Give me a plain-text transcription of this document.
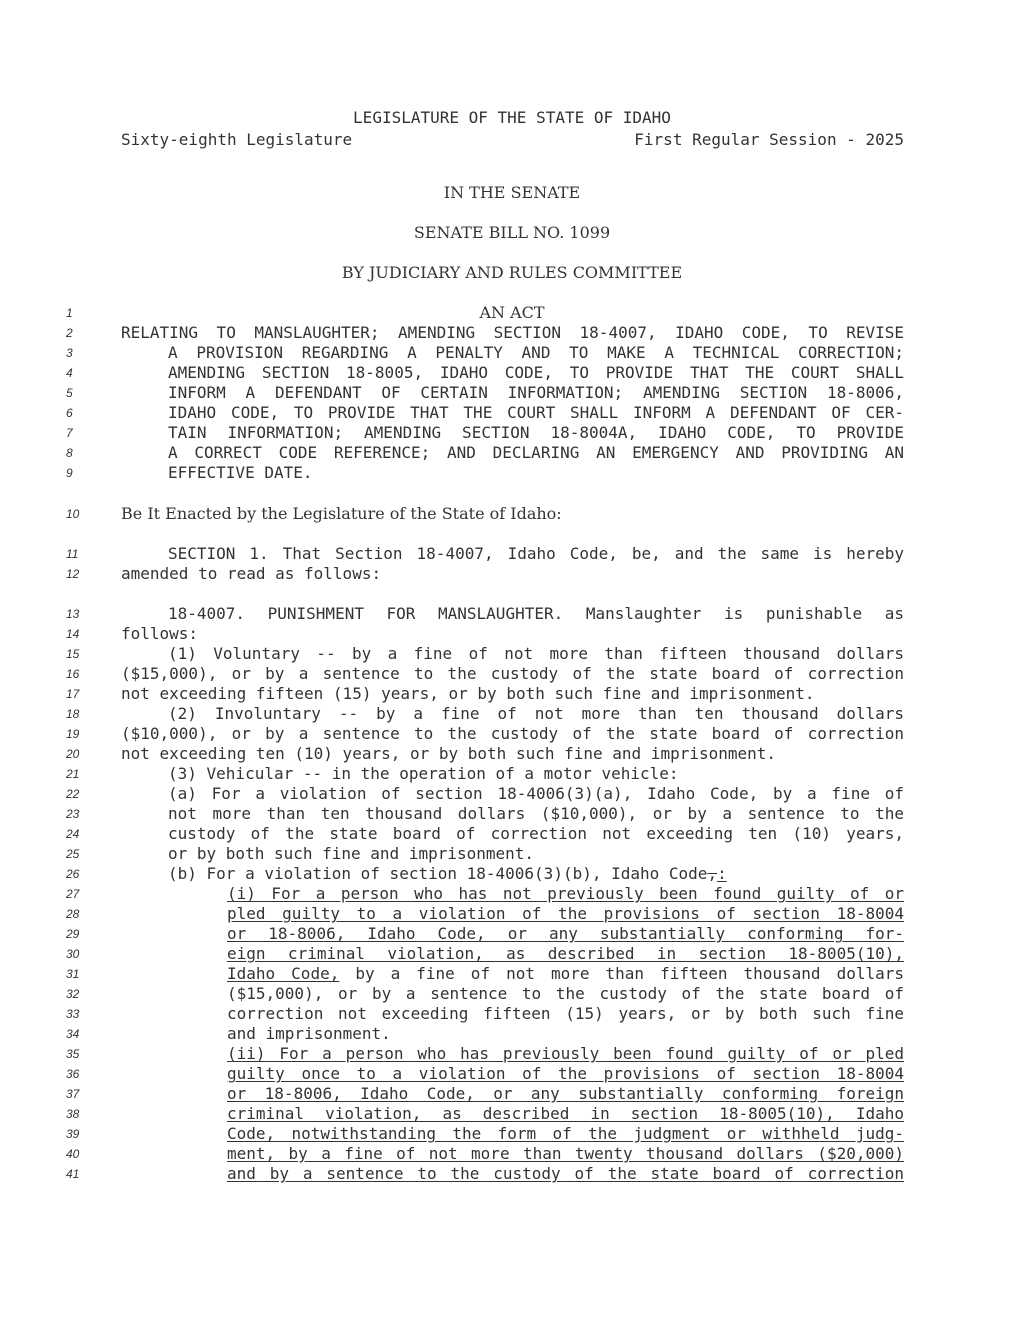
LEGISLATURE OF THE STATE OF IDAHO
Sixty-eighth Legislature	First Regular Session - 2025
IN THE SENATE
SENATE BILL NO. 1099
BY JUDICIARY AND RULES COMMITTEE
1	AN ACT
2	RELATING TO MANSLAUGHTER; AMENDING SECTION 18-4007, IDAHO CODE, TO REVISE
3	A PROVISION REGARDING A PENALTY AND TO MAKE A TECHNICAL CORRECTION;
4	AMENDING SECTION 18-8005, IDAHO CODE, TO PROVIDE THAT THE COURT SHALL
5	INFORM A DEFENDANT OF CERTAIN INFORMATION; AMENDING SECTION 18-8006,
6	IDAHO CODE, TO PROVIDE THAT THE COURT SHALL INFORM A DEFENDANT OF CER-
7	TAIN INFORMATION; AMENDING SECTION 18-8004A, IDAHO CODE, TO PROVIDE
8	A CORRECT CODE REFERENCE; AND DECLARING AN EMERGENCY AND PROVIDING AN
9	EFFECTIVE DATE.
10	Be It Enacted by the Legislature of the State of Idaho:
11	SECTION 1. That Section 18-4007, Idaho Code, be, and the same is hereby
12	amended to read as follows:
13	18-4007. PUNISHMENT FOR MANSLAUGHTER. Manslaughter is punishable as
14	follows:
15	(1) Voluntary -- by a fine of not more than fifteen thousand dollars
16	($15,000), or by a sentence to the custody of the state board of correction
17	not exceeding fifteen (15) years, or by both such fine and imprisonment.
18	(2) Involuntary -- by a fine of not more than ten thousand dollars
19	($10,000), or by a sentence to the custody of the state board of correction
20	not exceeding ten (10) years, or by both such fine and imprisonment.
21	(3) Vehicular -- in the operation of a motor vehicle:
22	(a) For a violation of section 18-4006(3)(a), Idaho Code, by a fine of
23	not more than ten thousand dollars ($10,000), or by a sentence to the
24	custody of the state board of correction not exceeding ten (10) years,
25	or by both such fine and imprisonment.
26	(b) For a violation of section 18-4006(3)(b), Idaho Code,:
27	(i) For a person who has not previously been found guilty of or
28	pled guilty to a violation of the provisions of section 18-8004
29	or 18-8006, Idaho Code, or any substantially conforming for-
30	eign criminal violation, as described in section 18-8005(10),
31	Idaho Code, by a fine of not more than fifteen thousand dollars
32	($15,000), or by a sentence to the custody of the state board of
33	correction not exceeding fifteen (15) years, or by both such fine
34	and imprisonment.
35	(ii) For a person who has previously been found guilty of or pled
36	guilty once to a violation of the provisions of section 18-8004
37	or 18-8006, Idaho Code, or any substantially conforming foreign
38	criminal violation, as described in section 18-8005(10), Idaho
39	Code, notwithstanding the form of the judgment or withheld judg-
40	ment, by a fine of not more than twenty thousand dollars ($20,000)
41	and by a sentence to the custody of the state board of correction
